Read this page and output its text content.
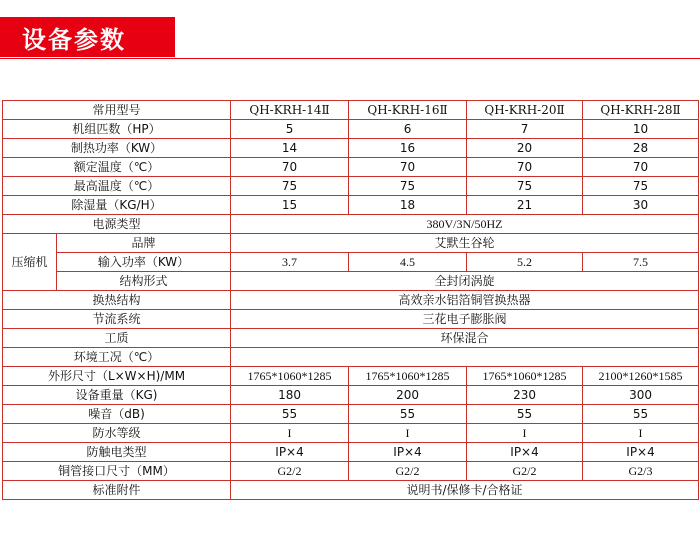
设备参数
常用型号		QH-KRH-14Ⅱ	QH-KRH-16Ⅱ	QH-KRH-20Ⅱ	QH-KRH-28Ⅱ
机组匹数（HP）		5	6	7	10
制热功率（KW）		14	16	20	28
额定温度（℃）		70	70	70	70
最高温度（℃）		75	75	75	75
除湿量（KG/H）		15	18	21	30
电源类型		380V/3N/50HZ			
压缩机	品牌	艾默生谷轮			
	输入功率（KW）	3.7	4.5	5.2	7.5
	结构形式	全封闭涡旋			
换热结构		高效亲水铝箔铜管换热器			
节流系统		三花电子膨胀阀			
工质		环保混合			
环境工况（℃）					
外形尺寸（L×W×H)/MM		1765*1060*1285	1765*1060*1285	1765*1060*1285	2100*1260*1585
设备重量（KG)		180	200	230	300
噪音（dB)		55	55	55	55
防水等级		I	I	I	I
防触电类型		IP×4	IP×4	IP×4	IP×4
铜管接口尺寸（MM）		G2/2	G2/2	G2/2	G2/3
标准附件		说明书/保修卡/合格证			
